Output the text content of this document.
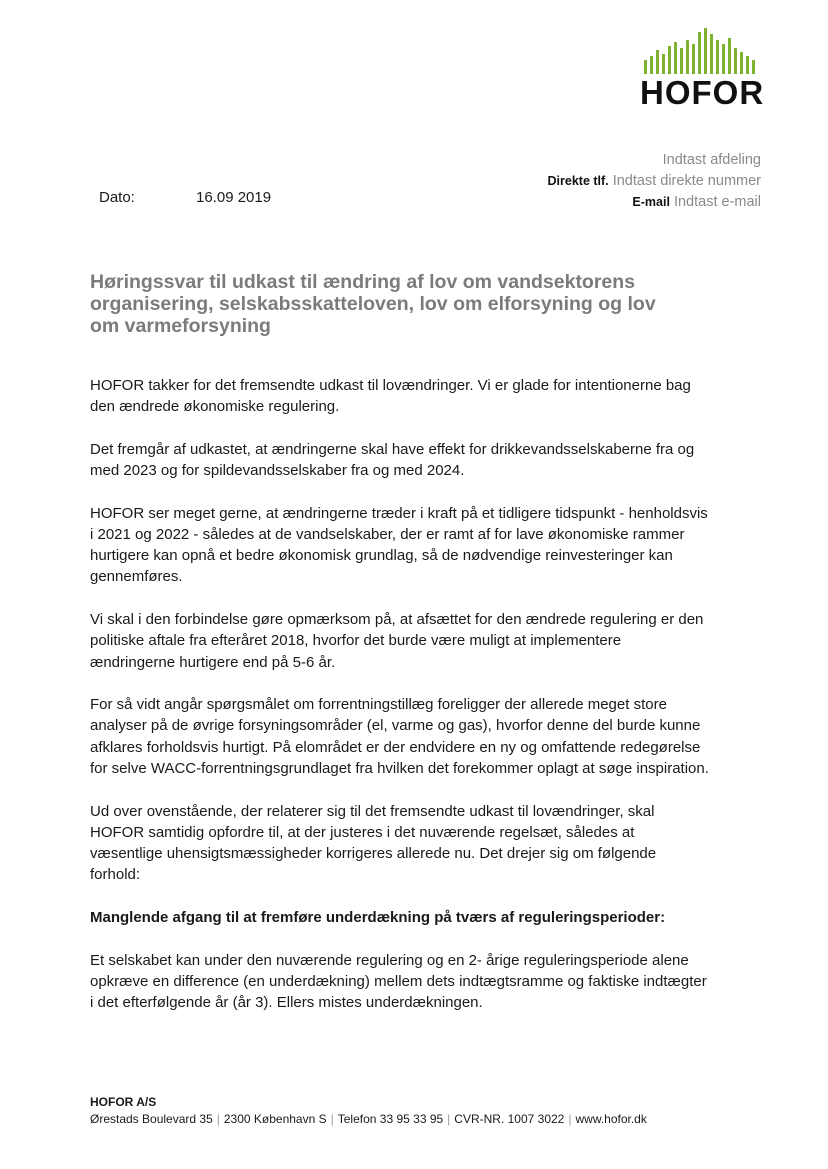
HOFOR
Indtast afdeling
Direkte tlf. Indtast direkte nummer
E-mail Indtast e-mail
Dato:	16.09 2019
Høringssvar til udkast til ændring af lov om vandsektorens organisering, selskabsskatteloven, lov om elforsyning og lov om varmeforsyning

HOFOR takker for det fremsendte udkast til lovændringer. Vi er glade for intentionerne bag den ændrede økonomiske regulering.

Det fremgår af udkastet, at ændringerne skal have effekt for drikkevandsselskaberne fra og med 2023 og for spildevandsselskaber fra og med 2024.

HOFOR ser meget gerne, at ændringerne træder i kraft på et tidligere tidspunkt - henholdsvis i 2021 og 2022 - således at de vandselskaber, der er ramt af for lave økonomiske rammer hurtigere kan opnå et bedre økonomisk grundlag, så de nødvendige reinvesteringer kan gennemføres.

Vi skal i den forbindelse gøre opmærksom på, at afsættet for den ændrede regulering er den politiske aftale fra efteråret 2018, hvorfor det burde være muligt at implementere ændringerne hurtigere end på 5-6 år.

For så vidt angår spørgsmålet om forrentningstillæg foreligger der allerede meget store analyser på de øvrige forsyningsområder (el, varme og gas), hvorfor denne del burde kunne afklares forholdsvis hurtigt. På elområdet er der endvidere en ny og omfattende redegørelse for selve WACC-forrentningsgrundlaget fra hvilken det forekommer oplagt at søge inspiration.

Ud over ovenstående, der relaterer sig til det fremsendte udkast til lovændringer, skal HOFOR samtidig opfordre til, at der justeres i det nuværende regelsæt, således at væsentlige uhensigtsmæssigheder korrigeres allerede nu. Det drejer sig om følgende forhold:

Manglende afgang til at fremføre underdækning på tværs af reguleringsperioder:

Et selskabet kan under den nuværende regulering og en 2- årige reguleringsperiode alene opkræve en difference (en underdækning) mellem dets indtægtsramme og faktiske indtægter i det efterfølgende år (år 3). Ellers mistes underdækningen.

HOFOR A/S
Ørestads Boulevard 35 | 2300 København S | Telefon 33 95 33 95 | CVR-NR. 1007 3022 | www.hofor.dk
